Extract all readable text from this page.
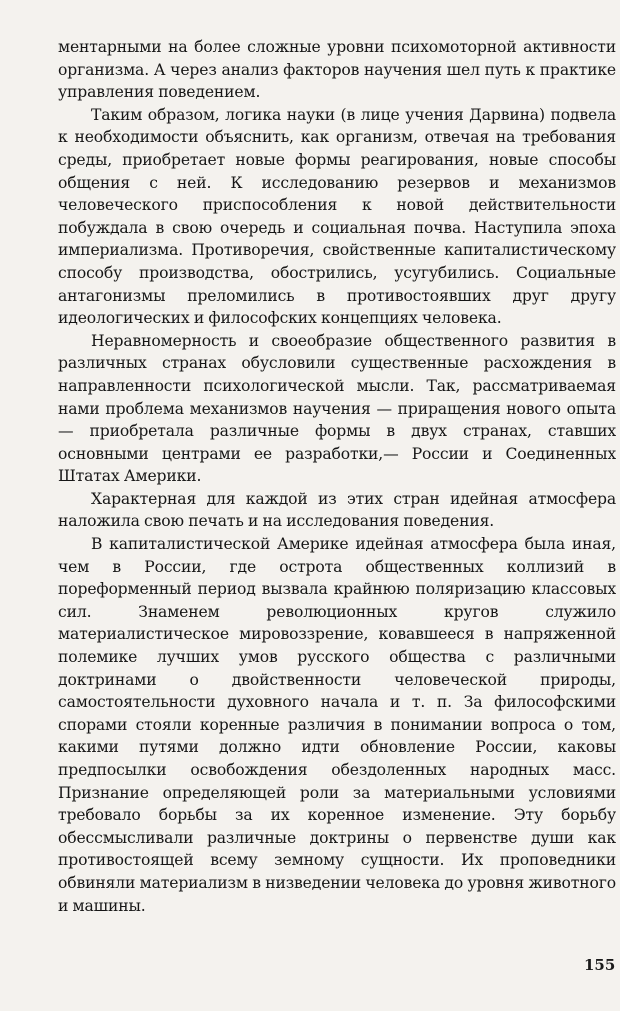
ментарными на более сложные уровни психомоторной активности организма. А через анализ факторов научения шел путь к практике управления поведением.

Таким образом, логика науки (в лице учения Дарвина) подвела к необходимости объяснить, как организм, отвечая на требования среды, приобретает новые формы реагирования, новые способы общения с ней. К исследованию резервов и механизмов человеческого приспособления к новой действительности побуждала в свою очередь и социальная почва. Наступила эпоха империализма. Противоречия, свойственные капиталистическому способу производства, обострились, усугубились. Социальные антагонизмы преломились в противостоявших друг другу идеологических и философских концепциях человека.

Неравномерность и своеобразие общественного развития в различных странах обусловили существенные расхождения в направленности психологической мысли. Так, рассматриваемая нами проблема механизмов научения — приращения нового опыта — приобретала различные формы в двух странах, ставших основными центрами ее разработки,— России и Соединенных Штатах Америки.

Характерная для каждой из этих стран идейная атмосфера наложила свою печать и на исследования поведения.

В капиталистической Америке идейная атмосфера была иная, чем в России, где острота общественных коллизий в пореформенный период вызвала крайнюю поляризацию классовых сил. Знаменем революционных кругов служило материалистическое мировоззрение, ковавшееся в напряженной полемике лучших умов русского общества с различными доктринами о двойственности человеческой природы, самостоятельности духовного начала и т. п. За философскими спорами стояли коренные различия в понимании вопроса о том, какими путями должно идти обновление России, каковы предпосылки освобождения обездоленных народных масс. Признание определяющей роли за материальными условиями требовало борьбы за их коренное изменение. Эту борьбу обессмысливали различные доктрины о первенстве души как противостоящей всему земному сущности. Их проповедники обвиняли материализм в низведении человека до уровня животного и машины.

155
